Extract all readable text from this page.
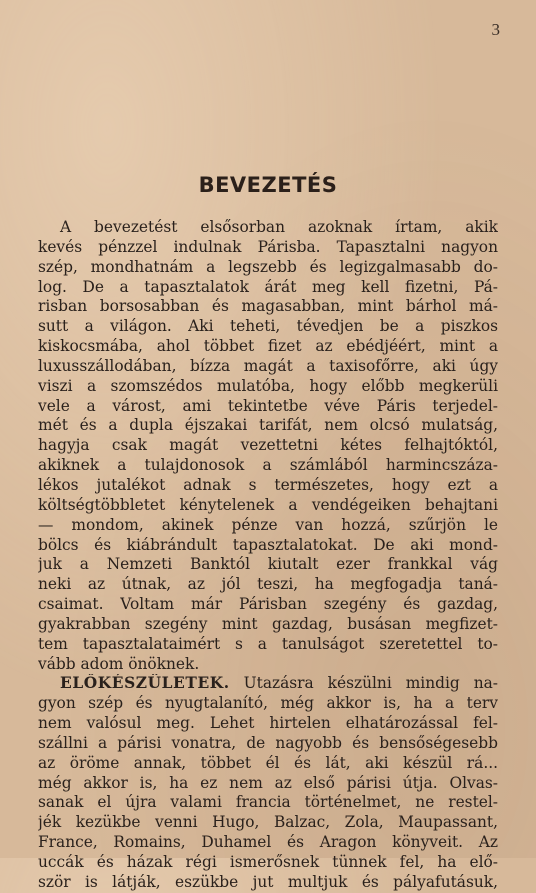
3
BEVEZETÉS
A bevezetést elsősorban azoknak írtam, akik
kevés pénzzel indulnak Párisba. Tapasztalni nagyon
szép, mondhatnám a legszebb és legizgalmasabb do-
log. De a tapasztalatok árát meg kell fizetni, Pá-
risban borsosabban és magasabban, mint bárhol má-
sutt a világon. Aki teheti, tévedjen be a piszkos
kiskocsmába, ahol többet fizet az ebédjéért, mint a
luxusszállodában, bízza magát a taxisofőrre, aki úgy
viszi a szomszédos mulatóba, hogy előbb megkerüli
vele a várost, ami tekintetbe véve Páris terjedel-
mét és a dupla éjszakai tarifát, nem olcsó mulatság,
hagyja csak magát vezettetni kétes felhajtóktól,
akiknek a tulajdonosok a számlából harmincszáza-
lékos jutalékot adnak s természetes, hogy ezt a
költségtöbbletet kénytelenek a vendégeiken behajtani
— mondom, akinek pénze van hozzá, szűrjön le
bölcs és kiábrándult tapasztalatokat. De aki mond-
juk a Nemzeti Banktól kiutalt ezer frankkal vág
neki az útnak, az jól teszi, ha megfogadja taná-
csaimat. Voltam már Párisban szegény és gazdag,
gyakrabban szegény mint gazdag, busásan megfizet-
tem tapasztalataimért s a tanulságot szeretettel to-
vább adom önöknek.
ELŐKÉSZÜLETEK. Utazásra készülni mindig na-
gyon szép és nyugtalanító, még akkor is, ha a terv
nem valósul meg. Lehet hirtelen elhatározással fel-
szállni a párisi vonatra, de nagyobb és bensőségesebb
az öröme annak, többet él és lát, aki készül rá...
még akkor is, ha ez nem az első párisi útja. Olvas-
sanak el újra valami francia történelmet, ne restel-
jék kezükbe venni Hugo, Balzac, Zola, Maupassant,
France, Romains, Duhamel és Aragon könyveit. Az
uccák és házak régi ismerősnek tünnek fel, ha elő-
ször is látják, eszükbe jut multjuk és pályafutásuk,
